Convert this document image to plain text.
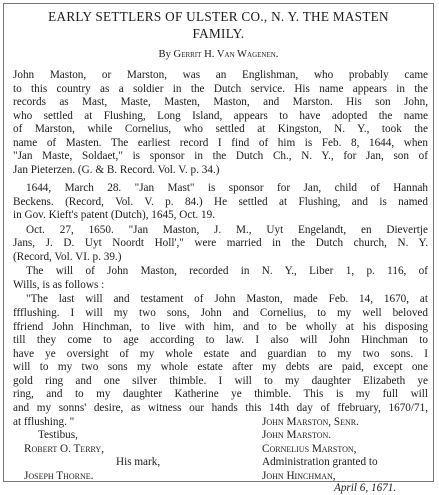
EARLY SETTLERS OF ULSTER CO., N. Y. THE MASTEN
FAMILY.
By Gerrit H. Van Wagenen.
John Maston, or Marston, was an Englishman, who probably came
to this country as a soldier in the Dutch service. His name appears in the
records as Mast, Maste, Masten, Maston, and Marston. His son John,
who settled at Flushing, Long Island, appears to have adopted the name
of Marston, while Cornelius, who settled at Kingston, N. Y., took the
name of Masten. The earliest record I find of him is Feb. 8, 1644, when
"Jan Maste, Soldaet," is sponsor in the Dutch Ch., N. Y., for Jan, son of
Jan Pieterzen. (G. & B. Record. Vol. V. p. 34.)
1644, March 28. "Jan Mast" is sponsor for Jan, child of Hannah
Beckens. (Record, Vol. V. p. 84.) He settled at Flushing, and is named
in Gov. Kieft's patent (Dutch), 1645, Oct. 19.
Oct. 27, 1650. "Jan Maston, J. M., Uyt Engelandt, en Dievertje
Jans, J. D. Uyt Noordt Holl'," were married in the Dutch church, N. Y.
(Record, Vol. VI. p. 39.)
The will of John Maston, recorded in N. Y., Liber 1, p. 116, of
Wills, is as follows :
"The last will and testament of John Maston, made Feb. 14, 1670, at
ffflushing. I will my two sons, John and Cornelius, to my well beloved
ffriend John Hinchman, to live with him, and to be wholly at his disposing
till they come to age according to law. I also will John Hinchman to
have ye oversight of my whole estate and guardian to my two sons. I
will to my two sons my whole estate after my debts are paid, except one
gold ring and one silver thimble. I will to my daughter Elizabeth ye
ring, and to my daughter Katherine ye thimble. This is my full will
and my sonns' desire, as witness our hands this 14th day of ffebruary, 1670/71,
at fflushing. "
Testibus,
John Marston, Senr.
John Marston.
Robert O. Terry,
His mark,
Joseph Thorne.
Cornelius Marston,
Administration granted to
John Hinchman,
April 6, 1671.
